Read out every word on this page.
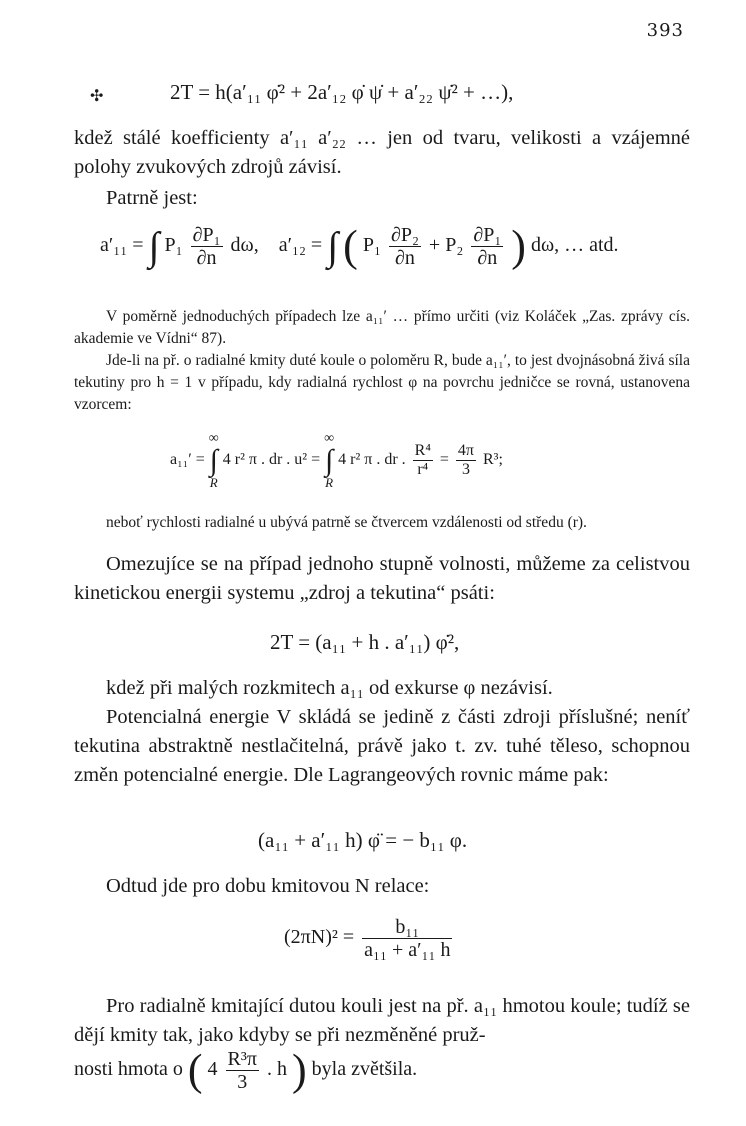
393
✣	2T = h(a′₁₁ φ̇² + 2a′₁₂ φ̇ ψ̇ + a′₂₂ ψ̇² + …),
kdež stálé koefficienty a′₁₁ a′₂₂ … jen od tvaru, velikosti a vzájemné polohy zvukových zdrojů závisí.
Patrně jest:
a′₁₁ = ∫ $P_1 \frac{\text{∂P₁}}{\partial n} d\omega$, a′₁₂ = ∫ ( $P_1 \frac{\text{∂P₂}}{\partial n} + P_2 \frac{\text{∂P₁}}{\partial n}$ ) dω, … atd.
V poměrně jednoduchých případech lze a₁₁′ … přímo určiti (viz Koláček „Zas. zprávy cís. akademie ve Vídni“ 87).
Jde-li na př. o radialné kmity duté koule o poloměru R, bude a₁₁′, to jest dvojnásobná živá síla tekutiny pro h = 1 v případu, kdy radialná rychlost φ na povrchu jedničce se rovná, ustanovena vzorcem:
a₁₁′ =
∞
∫
R
4 r² π . dr . u² =
∞
∫
R
4 r² π . dr . $\frac{\text{R⁴}}{\text{r⁴}} = \frac{4\pi}{3} R^3$;
neboť rychlosti radialné u ubývá patrně se čtvercem vzdálenosti od středu (r).
Omezujíce se na případ jednoho stupně volnosti, můžeme za celistvou kinetickou energii systemu „zdroj a tekutina“ psáti:
2T = (a₁₁ + h . a′₁₁) φ̇²,
kdež při malých rozkmitech a₁₁ od exkurse φ nezávisí.
Potencialná energie V skládá se jedině z části zdroji příslušné; neníť tekutina abstraktně nestlačitelná, právě jako t. zv. tuhé těleso, schopnou změn potencialné energie. Dle Lagrangeových rovnic máme pak:
(a₁₁ + a′₁₁ h) φ̈ = − b₁₁ φ.
Odtud jde pro dobu kmitovou N relace:
$(2\pi N)^2 = \frac{\text{b₁₁}}{\text{a₁₁ + a′₁₁ h}}$
Pro radialně kmitající dutou kouli jest na př. a₁₁ hmotou koule; tudíž se dějí kmity tak, jako kdyby se při nezměněné pruž-
nosti hmota o ( $4 \frac{\text{R³π}}{3}$ . h ) byla zvětšila.
